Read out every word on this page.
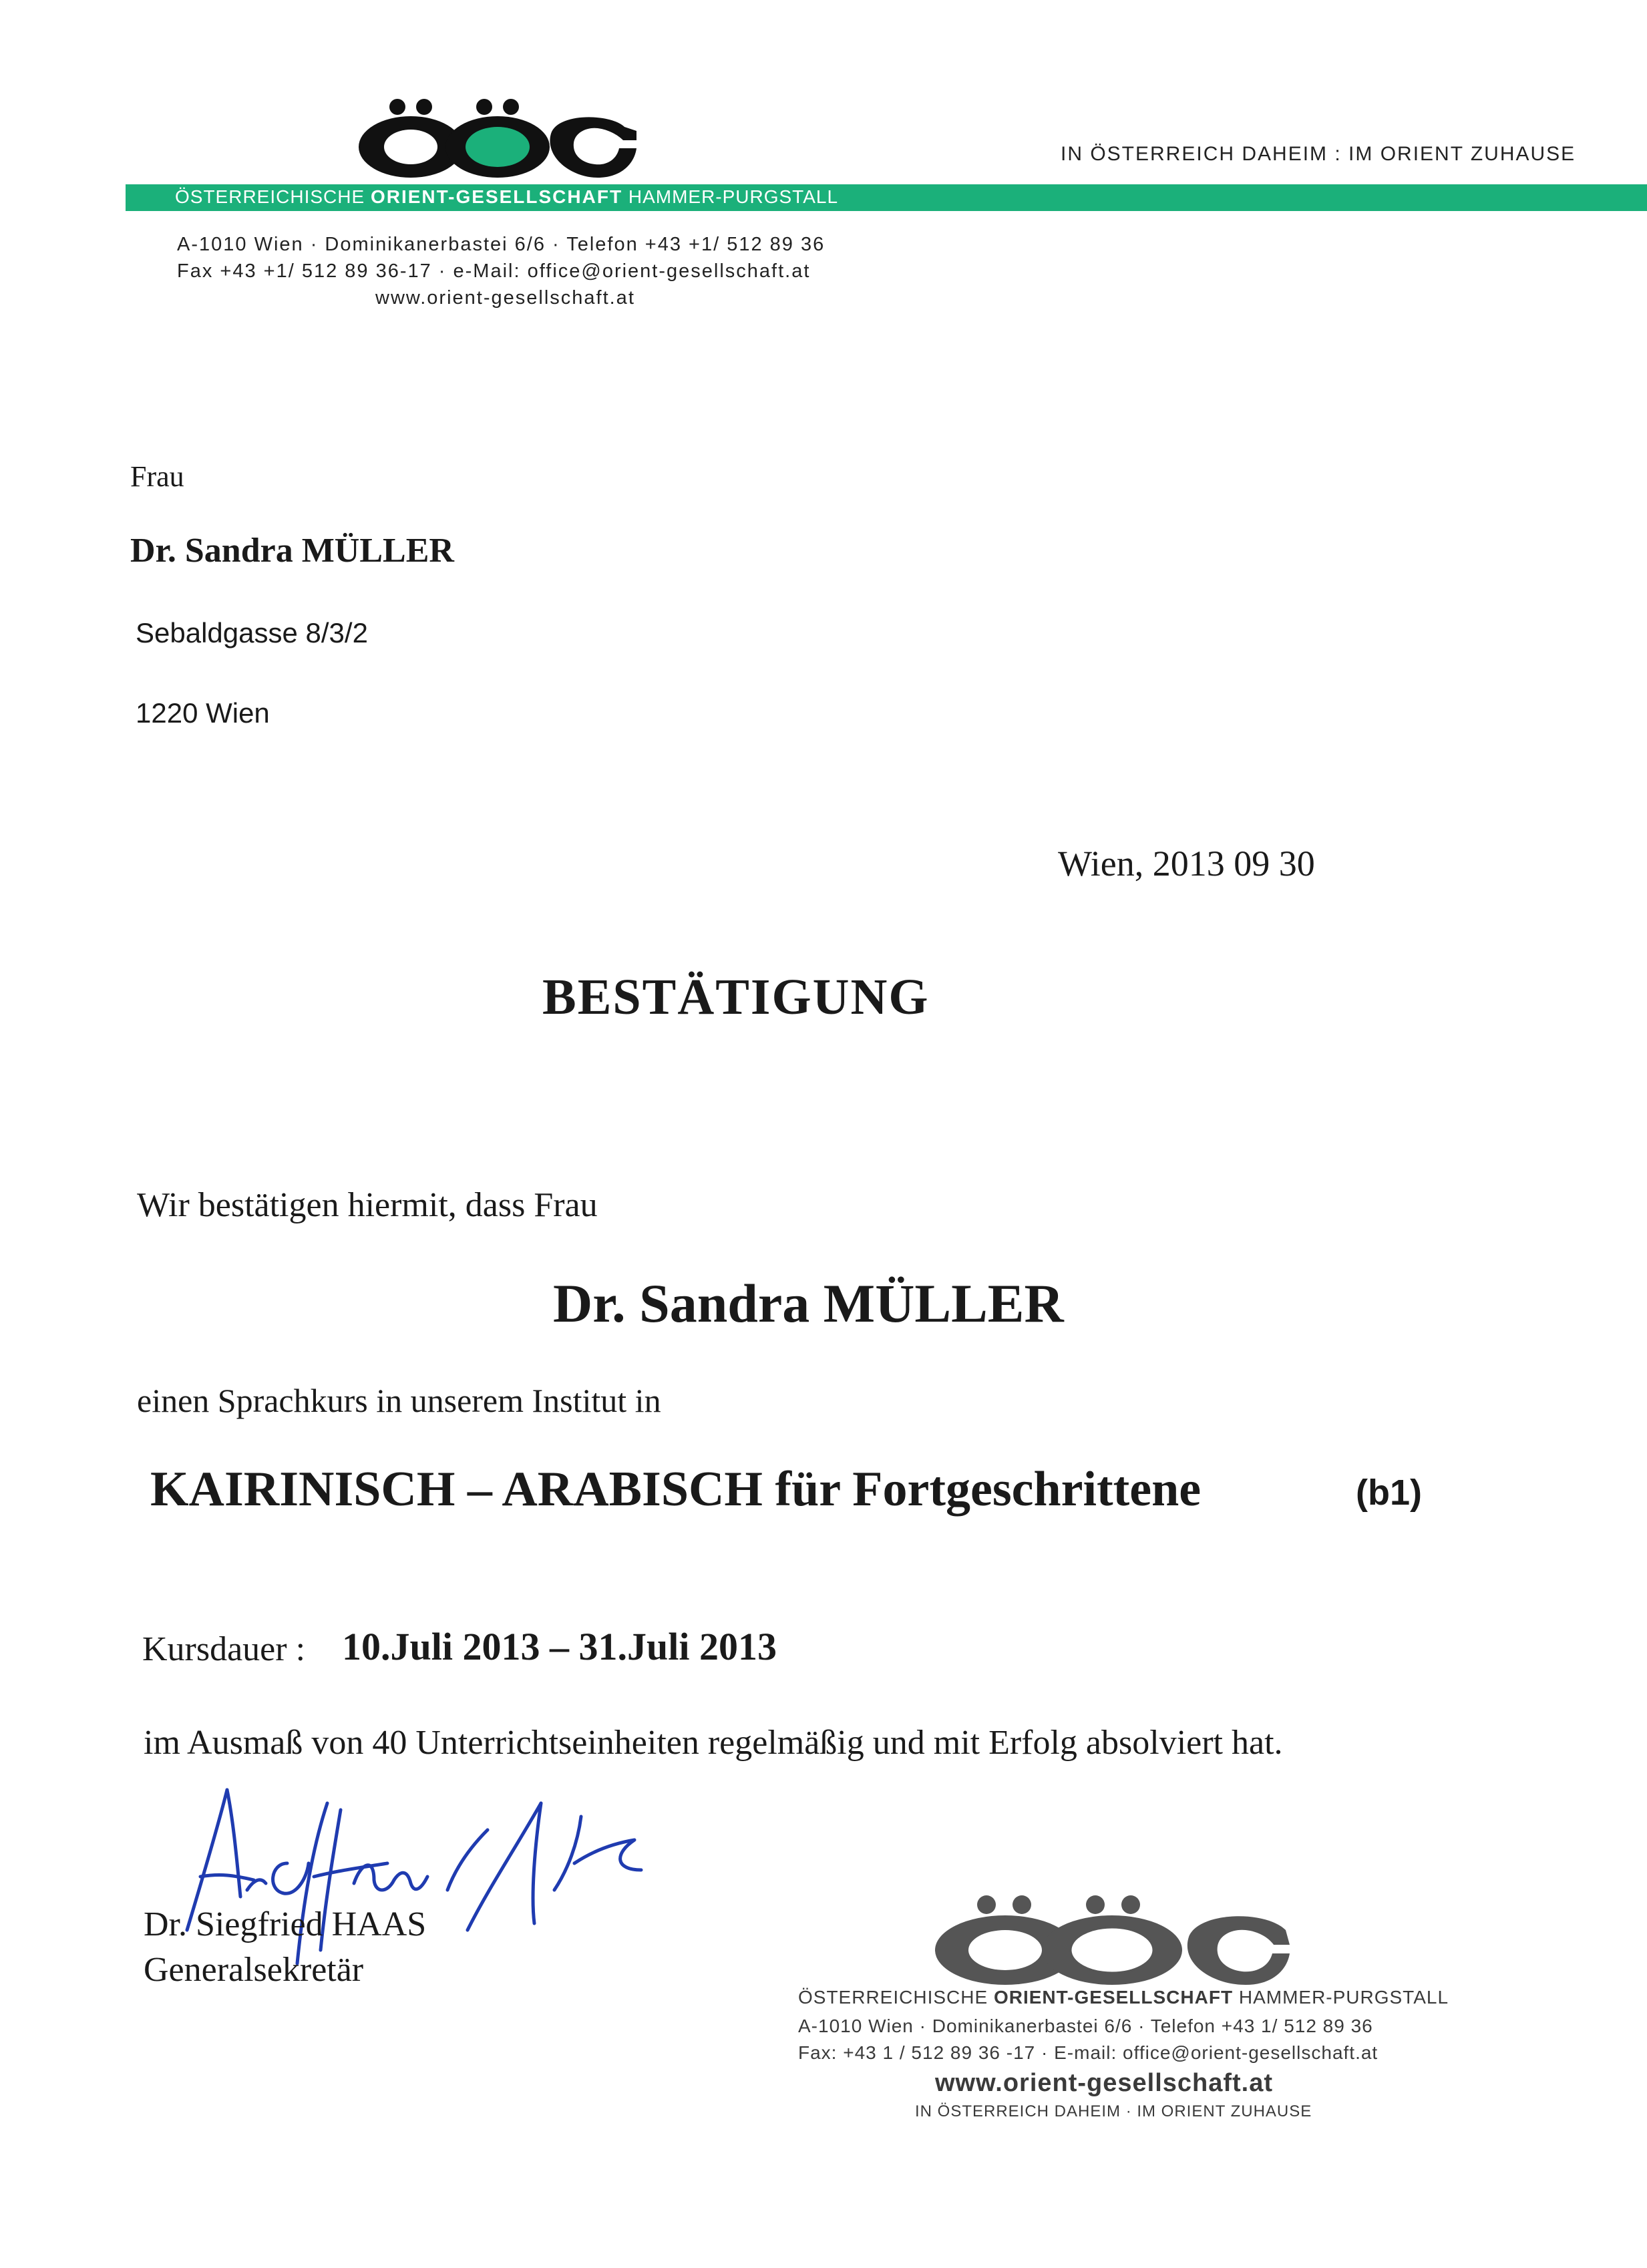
IN ÖSTERREICH DAHEIM : IM ORIENT ZUHAUSE
ÖSTERREICHISCHE ORIENT-GESELLSCHAFT HAMMER-PURGSTALL
A-1010 Wien · Dominikanerbastei 6/6 · Telefon +43 +1/ 512 89 36
Fax +43 +1/ 512 89 36-17 · e-Mail: office@orient-gesellschaft.at
www.orient-gesellschaft.at
Frau
Dr. Sandra MÜLLER
Sebaldgasse 8/3/2
1220 Wien
Wien, 2013 09 30
BESTÄTIGUNG
Wir bestätigen hiermit, dass Frau
Dr. Sandra MÜLLER
einen Sprachkurs in unserem Institut in
KAIRINISCH – ARABISCH für Fortgeschrittene	(b1)
Kursdauer : 10.Juli 2013 – 31.Juli 2013
im Ausmaß von 40 Unterrichtseinheiten regelmäßig und mit Erfolg absolviert hat.
Dr. Siegfried HAAS
Generalsekretär
ÖSTERREICHISCHE ORIENT-GESELLSCHAFT HAMMER-PURGSTALL
A-1010 Wien · Dominikanerbastei 6/6 · Telefon +43 1/ 512 89 36
Fax: +43 1 / 512 89 36 -17 · E-mail: office@orient-gesellschaft.at
www.orient-gesellschaft.at
IN ÖSTERREICH DAHEIM · IM ORIENT ZUHAUSE
